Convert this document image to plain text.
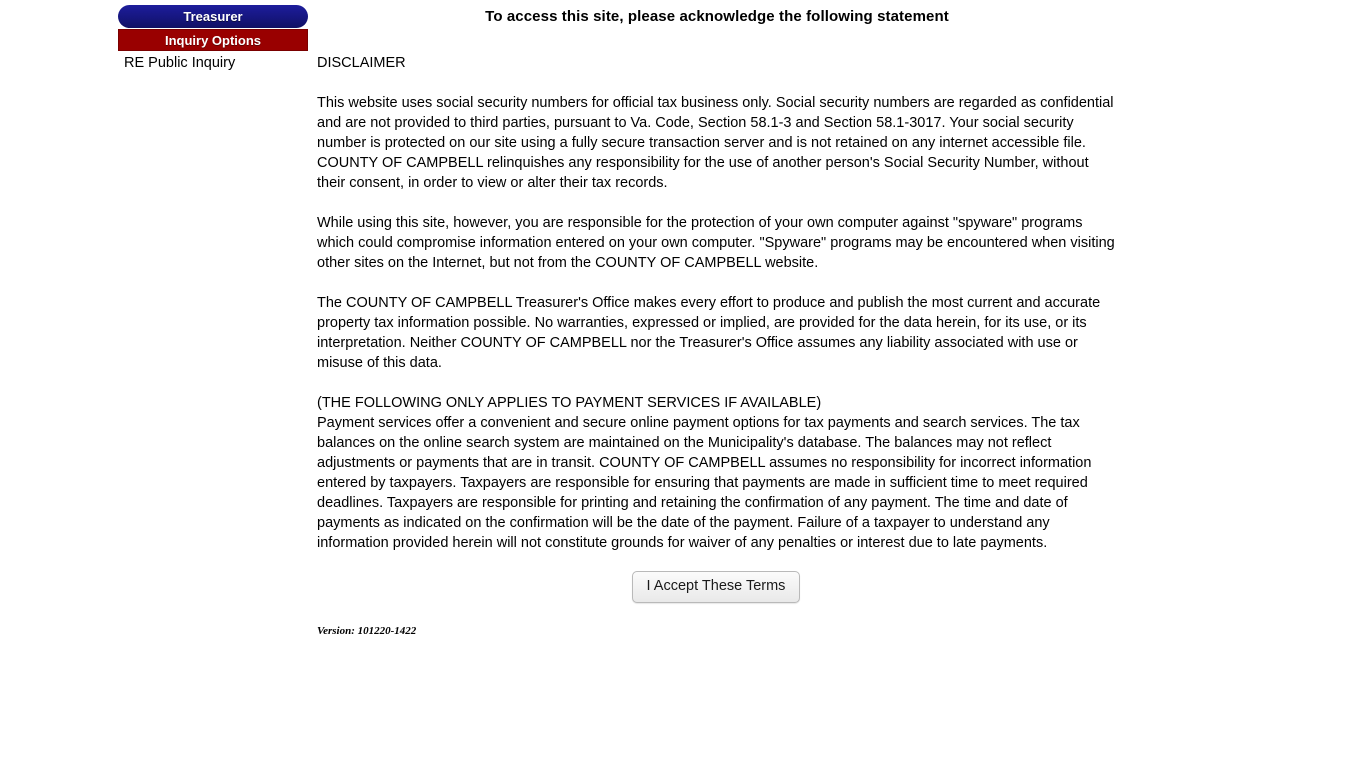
Treasurer
Inquiry Options
RE Public Inquiry
To access this site, please acknowledge the following statement

DISCLAIMER

This website uses social security numbers for official tax business only. Social security numbers are regarded as confidential and are not provided to third parties, pursuant to Va. Code, Section 58.1-3 and Section 58.1-3017. Your social security number is protected on our site using a fully secure transaction server and is not retained on any internet accessible file. COUNTY OF CAMPBELL relinquishes any responsibility for the use of another person's Social Security Number, without their consent, in order to view or alter their tax records.

While using this site, however, you are responsible for the protection of your own computer against "spyware" programs which could compromise information entered on your own computer. "Spyware" programs may be encountered when visiting other sites on the Internet, but not from the COUNTY OF CAMPBELL website.

The COUNTY OF CAMPBELL Treasurer's Office makes every effort to produce and publish the most current and accurate property tax information possible. No warranties, expressed or implied, are provided for the data herein, for its use, or its interpretation. Neither COUNTY OF CAMPBELL nor the Treasurer's Office assumes any liability associated with use or misuse of this data.

(THE FOLLOWING ONLY APPLIES TO PAYMENT SERVICES IF AVAILABLE)

Payment services offer a convenient and secure online payment options for tax payments and search services. The tax balances on the online search system are maintained on the Municipality's database. The balances may not reflect adjustments or payments that are in transit. COUNTY OF CAMPBELL assumes no responsibility for incorrect information entered by taxpayers. Taxpayers are responsible for ensuring that payments are made in sufficient time to meet required deadlines. Taxpayers are responsible for printing and retaining the confirmation of any payment. The time and date of payments as indicated on the confirmation will be the date of the payment. Failure of a taxpayer to understand any information provided herein will not constitute grounds for waiver of any penalties or interest due to late payments.

I Accept These Terms
Version: 101220-1422
